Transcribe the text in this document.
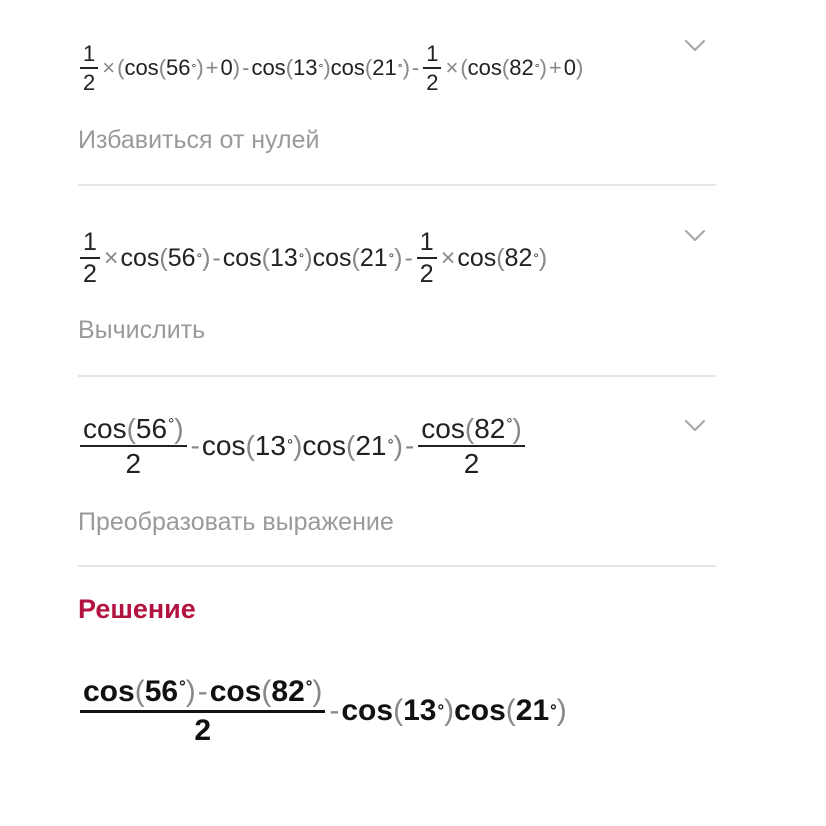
$\frac{1}{2}$ × ( cos ( 56 ° ) + 0 ) - cos ( 13 ° ) cos ( 21 ° ) - $\frac{1}{2}$ × ( cos ( 82 ° ) + 0 )
Избавиться от нулей
$\frac{1}{2} \times \cos$ ( 56 ° ) - cos ( 13 ° ) cos ( 21 ° ) - $\frac{1}{2} \times \cos$ ( 82 ° )
Вычислить
$\frac{\cos(56^\circ)}{2}$ - cos ( 13 ° ) cos ( 21 ° ) - $\frac{\cos(82^\circ)}{2}$
Преобразовать выражение
Решение
$\frac{\cos(56^\circ)-\cos(82^\circ)}{2}$ - cos ( 13 ° ) cos ( 21 ° )
